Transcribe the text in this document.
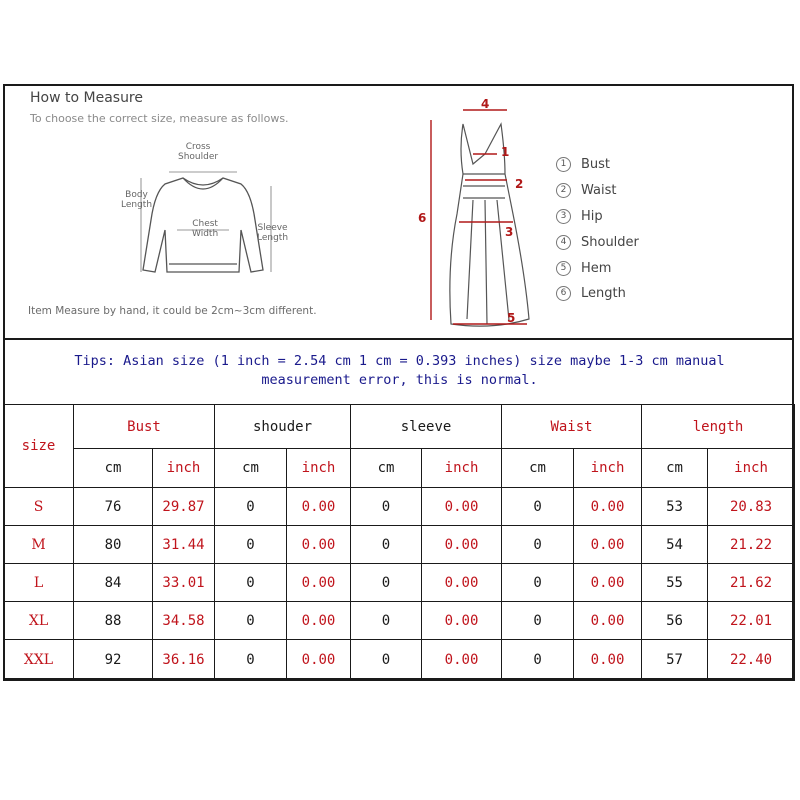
How to Measure
To choose the correct size, measure as follows.
Cross
Shoulder
Body
Length
Chest
Width
Sleeve
Length
Item Measure by hand, it could be 2cm~3cm different.
4
6
1
2
3
5
1	Bust
2	Waist
3	Hip
4	Shoulder
5	Hem
6	Length
Tips: Asian size (1 inch = 2.54 cm 1 cm = 0.393 inches) size maybe 1-3 cm manual measurement error, this is normal.
size	Bust		shouder		sleeve		Waist		length	
	cm	inch	cm	inch	cm	inch	cm	inch	cm	inch
S	76	29.87	0	0.00	0	0.00	0	0.00	53	20.83
M	80	31.44	0	0.00	0	0.00	0	0.00	54	21.22
L	84	33.01	0	0.00	0	0.00	0	0.00	55	21.62
XL	88	34.58	0	0.00	0	0.00	0	0.00	56	22.01
XXL	92	36.16	0	0.00	0	0.00	0	0.00	57	22.40
